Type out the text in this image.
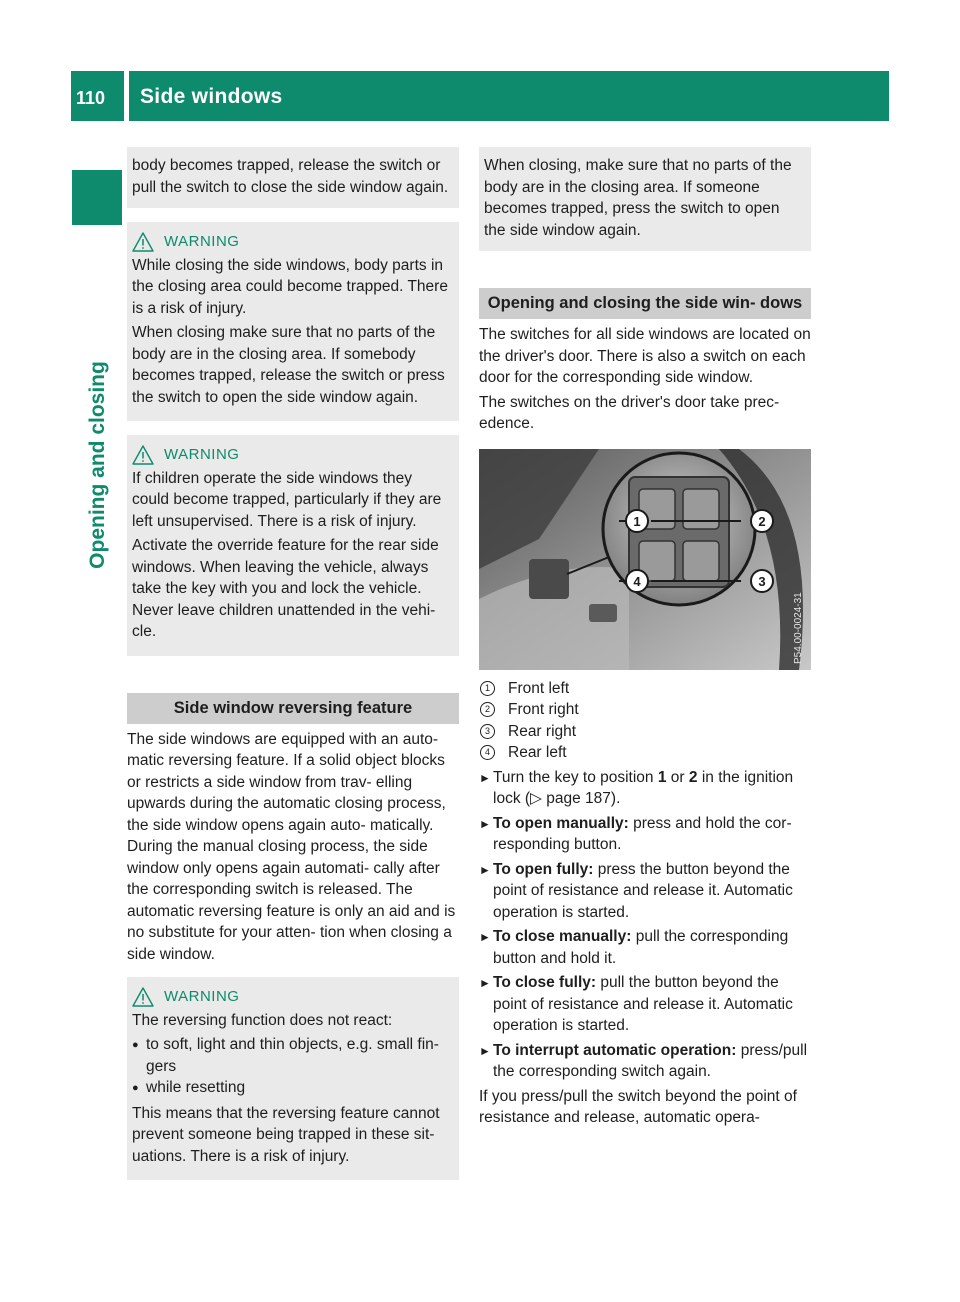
110 Side windows
Opening and closing
body becomes trapped, release the switch or pull the switch to close the side window again.
WARNING

While closing the side windows, body parts in the closing area could become trapped. There is a risk of injury.

When closing make sure that no parts of the body are in the closing area. If somebody becomes trapped, release the switch or press the switch to open the side window again.

WARNING

If children operate the side windows they could become trapped, particularly if they are left unsupervised. There is a risk of injury.

Activate the override feature for the rear side windows. When leaving the vehicle, always take the key with you and lock the vehicle. Never leave children unattended in the vehi- cle.

Side window reversing feature

The side windows are equipped with an auto- matic reversing feature. If a solid object blocks or restricts a side window from trav- elling upwards during the automatic closing process, the side window opens again auto- matically. During the manual closing process, the side window only opens again automati- cally after the corresponding switch is released. The automatic reversing feature is only an aid and is no substitute for your atten- tion when closing a side window.

WARNING

The reversing function does not react:

● to soft, light and thin objects, e.g. small fin- gers
● while resetting

This means that the reversing feature cannot prevent someone being trapped in these sit- uations. There is a risk of injury.

When closing, make sure that no parts of the body are in the closing area. If someone becomes trapped, press the switch to open the side window again.
Opening and closing the side win- dows

The switches for all side windows are located on the driver's door. There is also a switch on each door for the corresponding side window.

The switches on the driver's door take prec- edence.

1	2
3
4
P54.00-0024-31
1	Front left
2	Front right
3	Rear right
4	Rear left
► Turn the key to position 1 or 2 in the ignition lock (▷ page 187).
► To open manually: press and hold the cor- responding button.
► To open fully: press the button beyond the point of resistance and release it. Automatic operation is started.
► To close manually: pull the corresponding button and hold it.
► To close fully: pull the button beyond the point of resistance and release it. Automatic operation is started.
► To interrupt automatic operation: press/pull the corresponding switch again.

If you press/pull the switch beyond the point of resistance and release, automatic opera-
